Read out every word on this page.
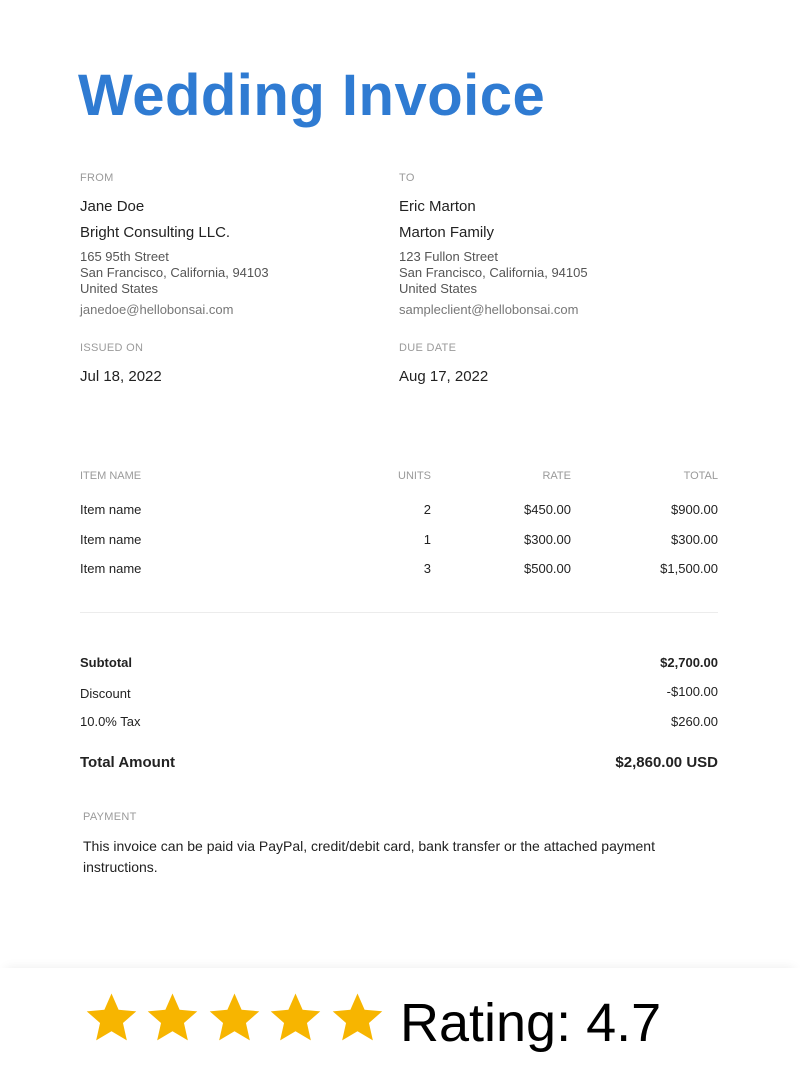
Wedding Invoice
FROM
Jane Doe
Bright Consulting LLC.
165 95th Street
San Francisco, California, 94103
United States
janedoe@hellobonsai.com
TO
Eric Marton
Marton Family
123 Fullon Street
San Francisco, California, 94105
United States
sampleclient@hellobonsai.com
ISSUED ON
Jul 18, 2022
DUE DATE
Aug 17, 2022
ITEM NAME	UNITS	RATE	TOTAL
Item name	2	$450.00	$900.00
Item name	1	$300.00	$300.00
Item name	3	$500.00	$1,500.00
Subtotal	$2,700.00
Discount	-$100.00
10.0% Tax	$260.00
Total Amount	$2,860.00 USD
PAYMENT
This invoice can be paid via PayPal, credit/debit card, bank transfer or the attached payment instructions.

Rating: 4.7
